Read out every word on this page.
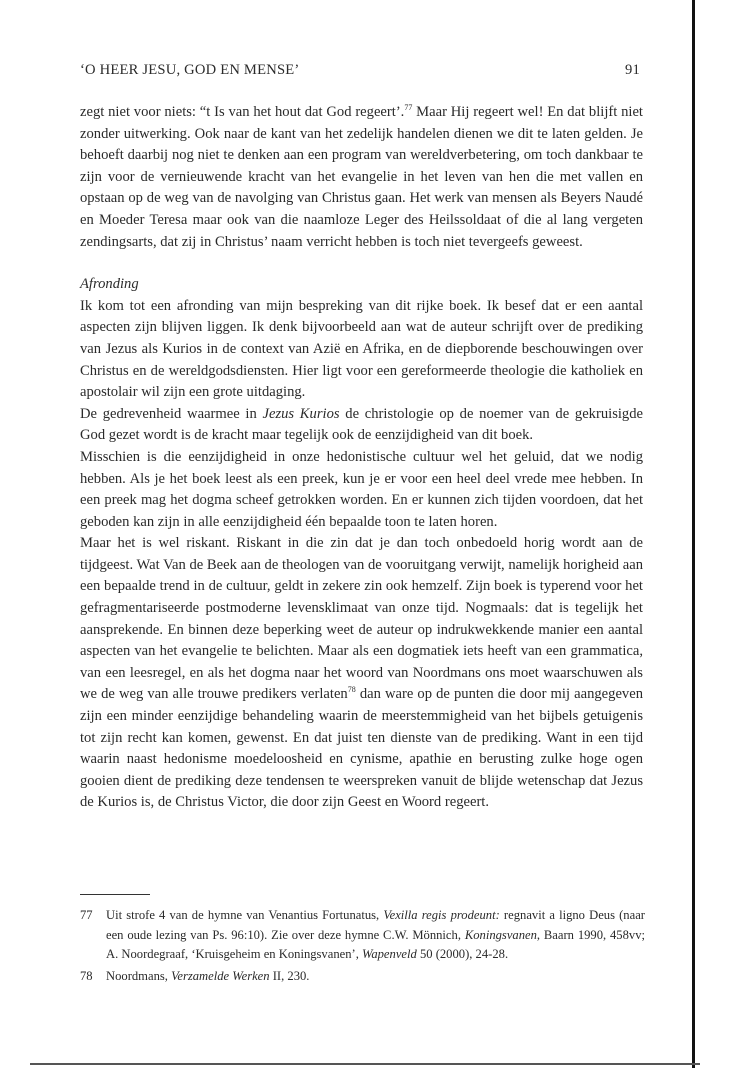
‘O HEER JESU, GOD EN MENSE’	91

zegt niet voor niets: “t Is van het hout dat God regeert’.$^{77}$ Maar Hij regeert wel! En dat blijft niet zonder uitwerking. Ook naar de kant van het zedelijk handelen dienen we dit te laten gelden. Je behoeft daarbij nog niet te denken aan een program van wereldverbetering, om toch dankbaar te zijn voor de vernieuwende kracht van het evangelie in het leven van hen die met vallen en opstaan op de weg van de navolging van Christus gaan. Het werk van mensen als Beyers Naudé en Moeder Teresa maar ook van die naamloze Leger des Heilssoldaat of die al lang vergeten zendingsarts, dat zij in Christus’ naam verricht hebben is toch niet tevergeefs geweest.

Afronding

Ik kom tot een afronding van mijn bespreking van dit rijke boek. Ik besef dat er een aantal aspecten zijn blijven liggen. Ik denk bijvoorbeeld aan wat de auteur schrijft over de prediking van Jezus als Kurios in de context van Azië en Afrika, en de diepborende beschouwingen over Christus en de wereldgodsdiensten. Hier ligt voor een gereformeerde theologie die katholiek en apostolair wil zijn een grote uitdaging.

De gedrevenheid waarmee in Jezus Kurios de christologie op de noemer van de gekruisigde God gezet wordt is de kracht maar tegelijk ook de eenzijdigheid van dit boek.

Misschien is die eenzijdigheid in onze hedonistische cultuur wel het geluid, dat we nodig hebben. Als je het boek leest als een preek, kun je er voor een heel deel vrede mee hebben. In een preek mag het dogma scheef getrokken worden. En er kunnen zich tijden voordoen, dat het geboden kan zijn in alle eenzijdigheid één bepaalde toon te laten horen.

Maar het is wel riskant. Riskant in die zin dat je dan toch onbedoeld horig wordt aan de tijdgeest. Wat Van de Beek aan de theologen van de vooruitgang verwijt, namelijk horigheid aan een bepaalde trend in de cultuur, geldt in zekere zin ook hemzelf. Zijn boek is typerend voor het gefragmentariseerde postmoderne levensklimaat van onze tijd. Nogmaals: dat is tegelijk het aansprekende. En binnen deze beperking weet de auteur op indrukwekkende manier een aantal aspecten van het evangelie te belichten. Maar als een dogmatiek iets heeft van een grammatica, van een leesregel, en als het dogma naar het woord van Noordmans ons moet waarschuwen als we de weg van alle trouwe predikers verlaten$^{78}$ dan ware op de punten die door mij aangegeven zijn een minder eenzijdige behandeling waarin de meerstemmigheid van het bijbels getuigenis tot zijn recht kan komen, gewenst. En dat juist ten dienste van de prediking. Want in een tijd waarin naast hedonisme moedeloosheid en cynisme, apathie en berusting zulke hoge ogen gooien dient de prediking deze tendensen te weerspreken vanuit de blijde wetenschap dat Jezus de Kurios is, de Christus Victor, die door zijn Geest en Woord regeert.

77 Uit strofe 4 van de hymne van Venantius Fortunatus, Vexilla regis prodeunt: regnavit a ligno Deus (naar een oude lezing van Ps. 96:10). Zie over deze hymne C.W. Mönnich, Koningsvanen, Baarn 1990, 458vv; A. Noordegraaf, ‘Kruisgeheim en Koningsvanen’, Wapenveld 50 (2000), 24-28.
78 Noordmans, Verzamelde Werken II, 230.
